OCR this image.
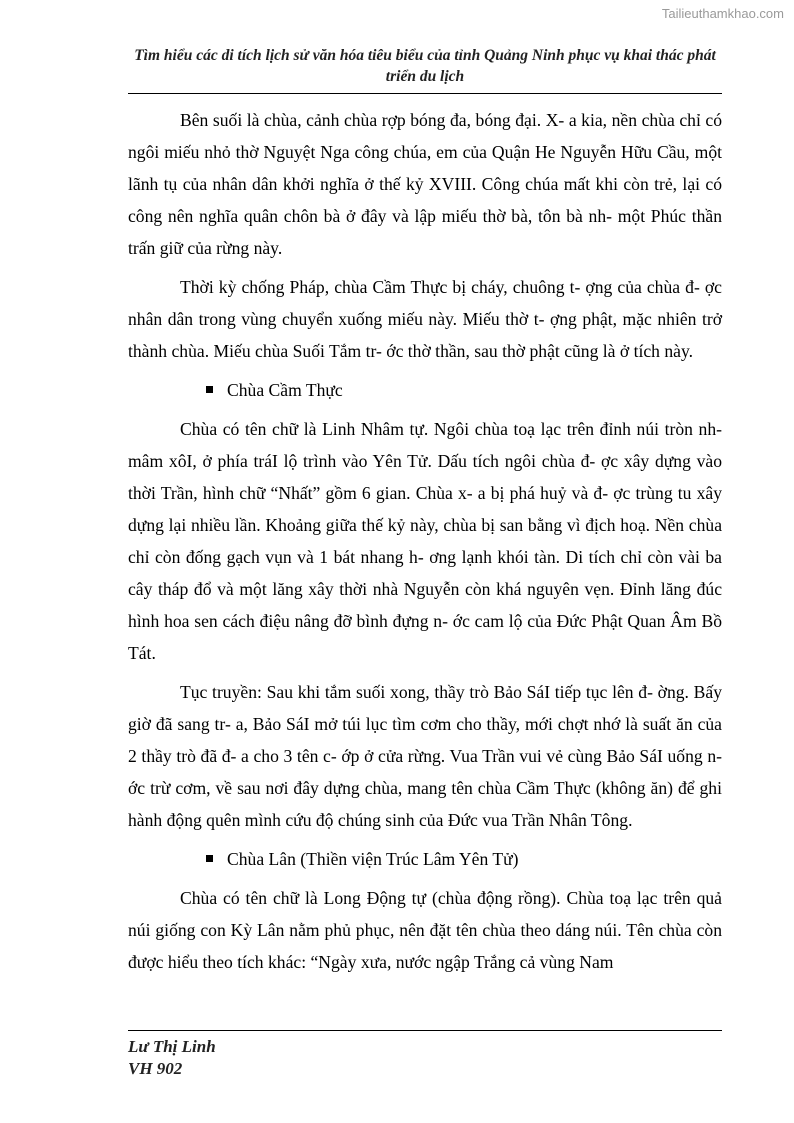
Tailieuthamkhao.com
Tìm hiểu các di tích lịch sử văn hóa tiêu biểu của tỉnh Quảng Ninh phục vụ khai thác phát triển du lịch

Bên suối là chùa, cảnh chùa rợp bóng đa, bóng đại. X- a kia, nền chùa chỉ có ngôi miếu nhỏ thờ Nguyệt Nga công chúa, em của Quận He Nguyễn Hữu Cầu, một lãnh tụ của nhân dân khởi nghĩa ở thế kỷ XVIII. Công chúa mất khi còn trẻ, lại có công nên nghĩa quân chôn bà ở đây và lập miếu thờ bà, tôn bà nh- một Phúc thần trấn giữ của rừng này.

Thời kỳ chống Pháp, chùa Cầm Thực bị cháy, chuông t- ợng của chùa đ- ợc nhân dân trong vùng chuyển xuống miếu này. Miếu thờ t- ợng phật, mặc nhiên trở thành chùa. Miếu chùa Suối Tắm tr- ớc thờ thần, sau thờ phật cũng là ở tích này.

Chùa Cầm Thực

Chùa có tên chữ là Linh Nhâm tự. Ngôi chùa toạ lạc trên đỉnh núi tròn nh- mâm xôI, ở phía tráI lộ trình vào Yên Tử. Dấu tích ngôi chùa đ- ợc xây dựng vào thời Trần, hình chữ “Nhất” gồm 6 gian. Chùa x- a bị phá huỷ và đ- ợc trùng tu xây dựng lại nhiều lần. Khoảng giữa thế kỷ này, chùa bị san bằng vì địch hoạ. Nền chùa chỉ còn đống gạch vụn và 1 bát nhang h- ơng lạnh khói tàn. Di tích chỉ còn vài ba cây tháp đổ và một lăng xây thời nhà Nguyễn còn khá nguyên vẹn. Đỉnh lăng đúc hình hoa sen cách điệu nâng đỡ bình đựng n- ớc cam lộ của Đức Phật Quan Âm Bồ Tát.

Tục truyền: Sau khi tắm suối xong, thầy trò Bảo SáI tiếp tục lên đ- ờng. Bấy giờ đã sang tr- a, Bảo SáI mở túi lục tìm cơm cho thầy, mới chợt nhớ là suất ăn của 2 thầy trò đã đ- a cho 3 tên c- ớp ở cửa rừng. Vua Trần vui vẻ cùng Bảo SáI uống n- ớc trừ cơm, về sau nơi đây dựng chùa, mang tên chùa Cầm Thực (không ăn) để ghi hành động quên mình cứu độ chúng sinh của Đức vua Trần Nhân Tông.

Chùa Lân (Thiền viện Trúc Lâm Yên Tử)

Chùa có tên chữ là Long Động tự (chùa động rồng). Chùa toạ lạc trên quả núi giống con Kỳ Lân nằm phủ phục, nên đặt tên chùa theo dáng núi. Tên chùa còn được hiểu theo tích khác: “Ngày xưa, nước ngập Trắng cả vùng Nam

Lư Thị Linh
VH 902
